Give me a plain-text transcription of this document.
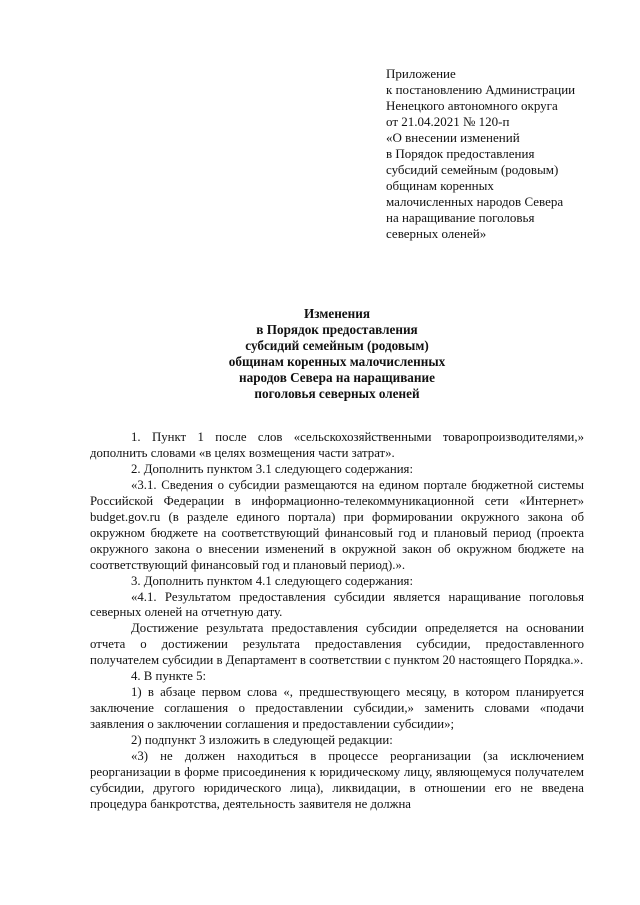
Приложение
к постановлению Администрации
Ненецкого автономного округа
от 21.04.2021 № 120-п
«О внесении изменений
в Порядок предоставления
субсидий семейным (родовым)
общинам коренных
малочисленных народов Севера
на наращивание поголовья
северных оленей»
Изменения
в Порядок предоставления
субсидий семейным (родовым)
общинам коренных малочисленных
народов Севера на наращивание
поголовья северных оленей

1. Пункт 1 после слов «сельскохозяйственными товаропроизводителями,» дополнить словами «в целях возмещения части затрат».

2. Дополнить пунктом 3.1 следующего содержания:

«3.1. Сведения о субсидии размещаются на едином портале бюджетной системы Российской Федерации в информационно-телекоммуникационной сети «Интернет» budget.gov.ru (в разделе единого портала) при формировании окружного закона об окружном бюджете на соответствующий финансовый год и плановый период (проекта окружного закона о внесении изменений в окружной закон об окружном бюджете на соответствующий финансовый год и плановый период).».

3. Дополнить пунктом 4.1 следующего содержания:

«4.1. Результатом предоставления субсидии является наращивание поголовья северных оленей на отчетную дату.

Достижение результата предоставления субсидии определяется на основании отчета о достижении результата предоставления субсидии, предоставленного получателем субсидии в Департамент в соответствии с пунктом 20 настоящего Порядка.».

4. В пункте 5:

1) в абзаце первом слова «, предшествующего месяцу, в котором планируется заключение соглашения о предоставлении субсидии,» заменить словами «подачи заявления о заключении соглашения и предоставлении субсидии»;

2) подпункт 3 изложить в следующей редакции:

«3) не должен находиться в процессе реорганизации (за исключением реорганизации в форме присоединения к юридическому лицу, являющемуся получателем субсидии, другого юридического лица), ликвидации, в отношении его не введена процедура банкротства, деятельность заявителя не должна
